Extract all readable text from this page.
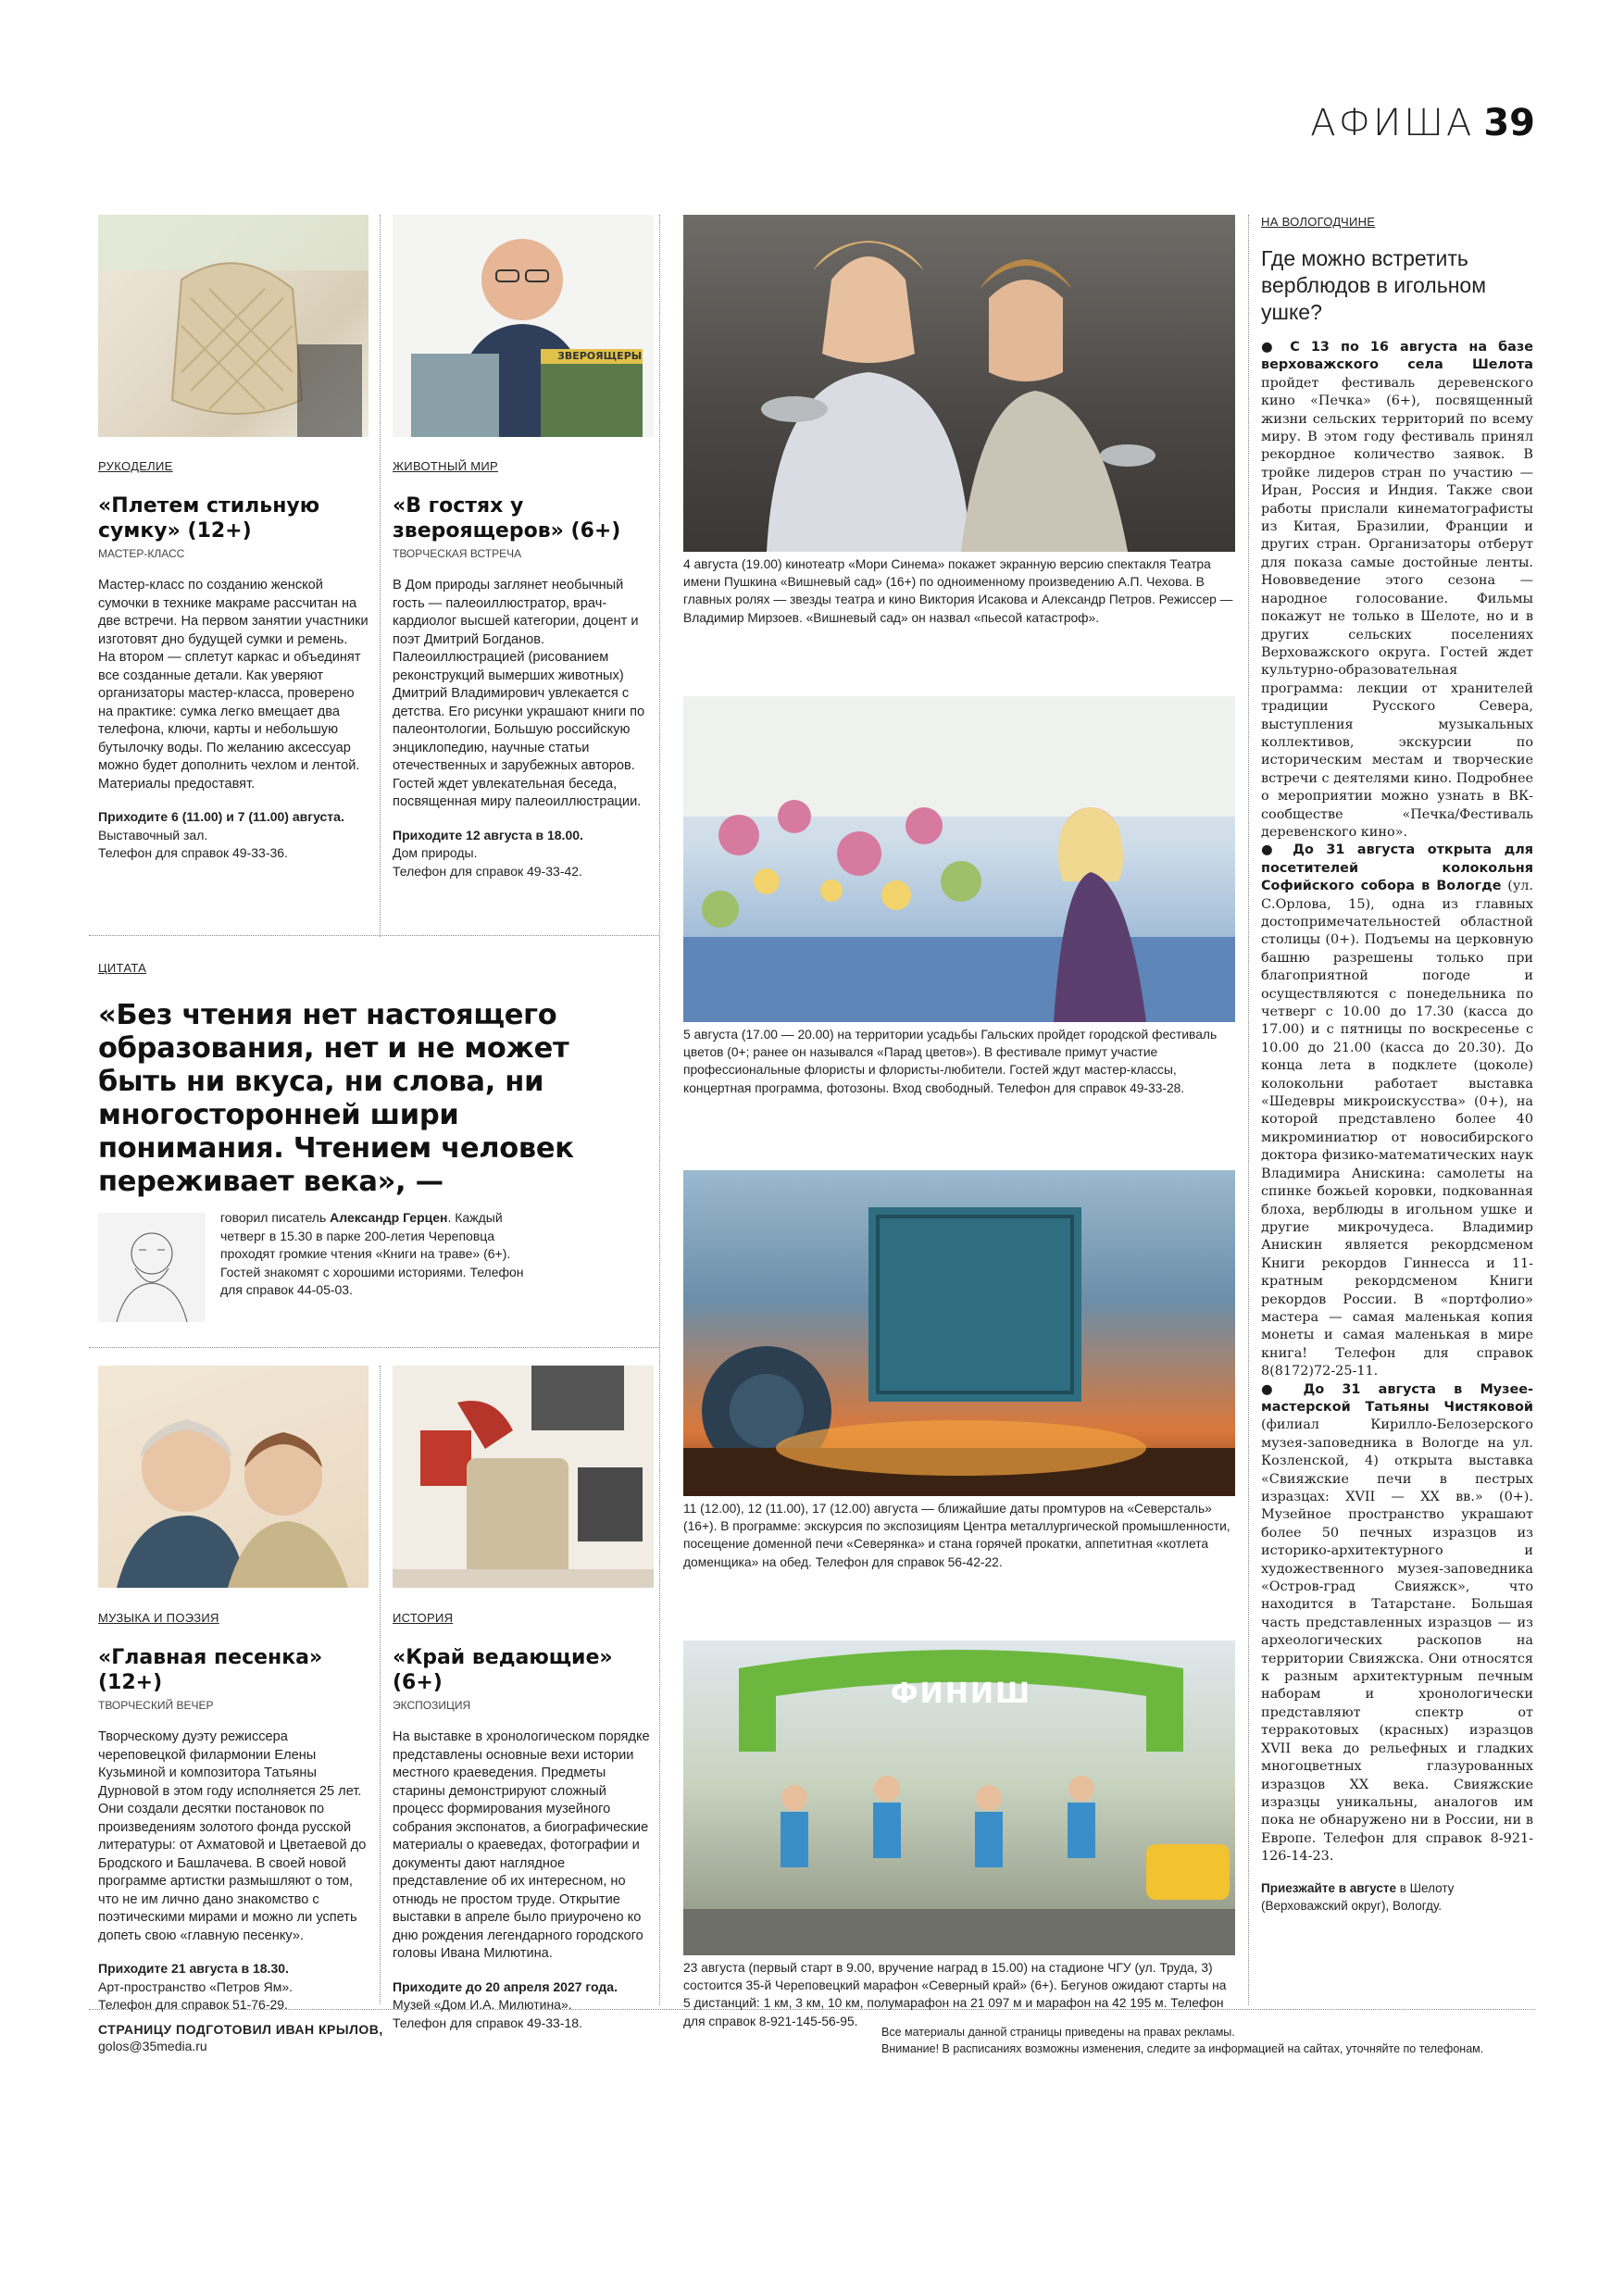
АФИША 39
ЗВЕРОЯЩЕРЫ
РУКОДЕЛИЕ
«Плетем стильную сумку» (12+)
МАСТЕР-КЛАСС
Мастер-класс по созданию женской сумочки в технике макраме рассчитан на две встречи. На первом занятии участники изготовят дно будущей сумки и ремень. На втором — сплетут каркас и объединят все созданные детали. Как уверяют организаторы мастер-класса, проверено на практике: сумка легко вмещает два телефона, ключи, карты и небольшую бутылочку воды. По желанию аксессуар можно будет дополнить чехлом и лентой. Материалы предоставят.
Приходите 6 (11.00) и 7 (11.00) августа.
Выставочный зал.
Телефон для справок 49-33-36.
ЖИВОТНЫЙ МИР
«В гостях у звероящеров» (6+)
ТВОРЧЕСКАЯ ВСТРЕЧА
В Дом природы заглянет необычный гость — палеоиллюстратор, врач-кардиолог высшей категории, доцент и поэт Дмитрий Богданов. Палеоиллюстрацией (рисованием реконструкций вымерших животных) Дмитрий Владимирович увлекается с детства. Его рисунки украшают книги по палеонтологии, Большую российскую энциклопедию, научные статьи отечественных и зарубежных авторов. Гостей ждет увлекательная беседа, посвященная миру палеоиллюстрации.
Приходите 12 августа в 18.00.
Дом природы.
Телефон для справок 49-33-42.
ЦИТАТА
«Без чтения нет настоящего образования, нет и не может быть ни вкуса, ни слова, ни многосторонней шири понимания. Чтением человек переживает века», —
говорил писатель Александр Герцен. Каждый четверг в 15.30 в парке 200-летия Череповца проходят громкие чтения «Книги на траве» (6+). Гостей знакомят с хорошими историями. Телефон для справок 44-05-03.
МУЗЫКА И ПОЭЗИЯ
«Главная песенка» (12+)
ТВОРЧЕСКИЙ ВЕЧЕР
Творческому дуэту режиссера череповецкой филармонии Елены Кузьминой и композитора Татьяны Дурновой в этом году исполняется 25 лет. Они создали десятки постановок по произведениям золотого фонда русской литературы: от Ахматовой и Цветаевой до Бродского и Башлачева. В своей новой программе артистки размышляют о том, что не им лично дано знакомство с поэтическими мирами и можно ли успеть допеть свою «главную песенку».
Приходите 21 августа в 18.30.
Арт-пространство «Петров Ям».
Телефон для справок 51-76-29.
ИСТОРИЯ
«Край ведающие» (6+)
ЭКСПОЗИЦИЯ
На выставке в хронологическом порядке представлены основные вехи истории местного краеведения. Предметы старины демонстрируют сложный процесс формирования музейного собрания экспонатов, а биографические материалы о краеведах, фотографии и документы дают наглядное представление об их интересном, но отнюдь не простом труде. Открытие выставки в апреле было приурочено ко дню рождения легендарного городского головы Ивана Милютина.
Приходите до 20 апреля 2027 года.
Музей «Дом И.А. Милютина».
Телефон для справок 49-33-18.
4 августа (19.00) кинотеатр «Мори Синема» покажет экранную версию спектакля Театра имени Пушкина «Вишневый сад» (16+) по одноименному произведению А.П. Чехова. В главных ролях — звезды театра и кино Виктория Исакова и Александр Петров. Режиссер — Владимир Мирзоев. «Вишневый сад» он назвал «пьесой катастроф».
5 августа (17.00 — 20.00) на территории усадьбы Гальских пройдет городской фестиваль цветов (0+; ранее он назывался «Парад цветов»). В фестивале примут участие профессиональные флористы и флористы-любители. Гостей ждут мастер-классы, концертная программа, фотозоны. Вход свободный. Телефон для справок 49-33-28.
11 (12.00), 12 (11.00), 17 (12.00) августа — ближайшие даты промтуров на «Северсталь» (16+). В программе: экскурсия по экспозициям Центра металлургической промышленности, посещение доменной печи «Северянка» и стана горячей прокатки, аппетитная «котлета доменщика» на обед. Телефон для справок 56-42-22.
ФИНИШ
23 августа (первый старт в 9.00, вручение наград в 15.00) на стадионе ЧГУ (ул. Труда, 3) состоится 35-й Череповецкий марафон «Северный край» (6+). Бегунов ожидают старты на 5 дистанций: 1 км, 3 км, 10 км, полумарафон на 21 097 м и марафон на 42 195 м. Телефон для справок 8-921-145-56-95.
НА ВОЛОГОДЧИНЕ
Где можно встретить верблюдов в игольном ушке?

● С 13 по 16 августа на базе верховажского села Шелота пройдет фестиваль деревенского кино «Печка» (6+), посвященный жизни сельских территорий по всему миру. В этом году фестиваль принял рекордное количество заявок. В тройке лидеров стран по участию — Иран, Россия и Индия. Также свои работы прислали кинематографисты из Китая, Бразилии, Франции и других стран. Организаторы отберут для показа самые достойные ленты. Нововведение этого сезона — народное голосование. Фильмы покажут не только в Шелоте, но и в других сельских поселениях Верховажского округа. Гостей ждет культурно-образовательная программа: лекции от хранителей традиции Русского Севера, выступления музыкальных коллективов, экскурсии по историческим местам и творческие встречи с деятелями кино. Подробнее о мероприятии можно узнать в ВК-сообществе «Печка/Фестиваль деревенского кино».

● До 31 августа открыта для посетителей колокольня Софийского собора в Вологде (ул. С.Орлова, 15), одна из главных достопримечательностей областной столицы (0+). Подъемы на церковную башню разрешены только при благоприятной погоде и осуществляются с понедельника по четверг с 10.00 до 17.30 (касса до 17.00) и с пятницы по воскресенье с 10.00 до 21.00 (касса до 20.30). До конца лета в подклете (цоколе) колокольни работает выставка «Шедевры микроискусства» (0+), на которой представлено более 40 микроминиатюр от новосибирского доктора физико-математических наук Владимира Анискина: самолеты на спинке божьей коровки, подкованная блоха, верблюды в игольном ушке и другие микрочудеса. Владимир Анискин является рекордсменом Книги рекордов Гиннесса и 11-кратным рекордсменом Книги рекордов России. В «портфолио» мастера — самая маленькая копия монеты и самая маленькая в мире книга! Телефон для справок 8(8172)72-25-11.

● До 31 августа в Музее-мастерской Татьяны Чистяковой (филиал Кирилло-Белозерского музея-заповедника в Вологде на ул. Козленской, 4) открыта выставка «Свияжские печи в пестрых изразцах: XVII — XX вв.» (0+). Музейное пространство украшают более 50 печных изразцов из историко-архитектурного и художественного музея-заповедника «Остров-град Свияжск», что находится в Татарстане. Большая часть представленных изразцов — из археологических раскопов на территории Свияжска. Они относятся к разным архитектурным печным наборам и хронологически представляют спектр от терракотовых (красных) изразцов XVII века до рельефных и гладких многоцветных глазурованных изразцов XX века. Свияжские изразцы уникальны, аналогов им пока не обнаружено ни в России, ни в Европе. Телефон для справок 8-921-126-14-23.

Приезжайте в августе в Шелоту (Верховажский округ), Вологду.
СТРАНИЦУ ПОДГОТОВИЛ ИВАН КРЫЛОВ,
golos@35media.ru
Все материалы данной страницы приведены на правах рекламы.
Внимание! В расписаниях возможны изменения, следите за информацией на сайтах, уточняйте по телефонам.
